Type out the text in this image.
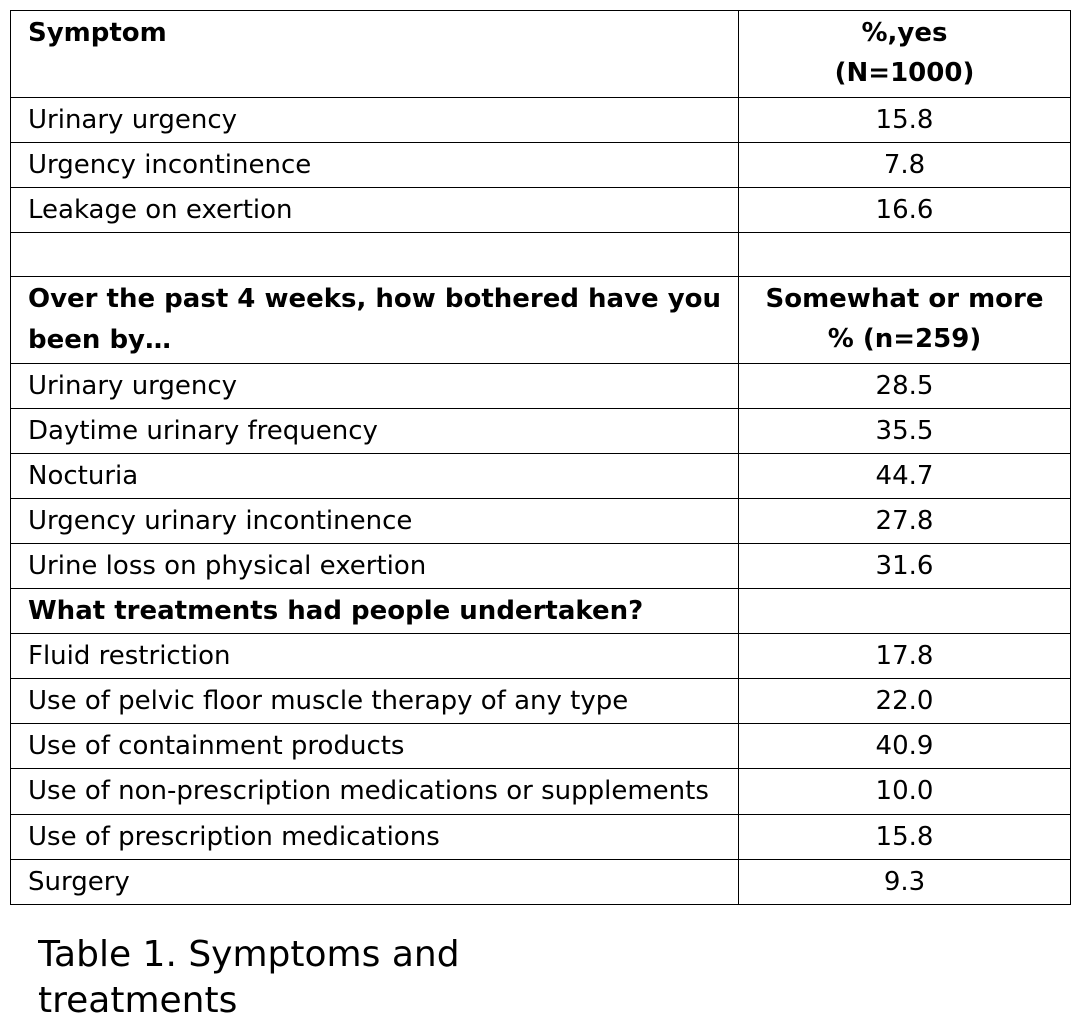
Symptom	%,yes
(N=1000)
Urinary urgency	15.8
Urgency incontinence	7.8
Leakage on exertion	16.6

Over the past 4 weeks, how bothered have you been by…	Somewhat or more
% (n=259)
Urinary urgency	28.5
Daytime urinary frequency	35.5
Nocturia	44.7
Urgency urinary incontinence	27.8
Urine loss on physical exertion	31.6
What treatments had people undertaken?	
Fluid restriction	17.8
Use of pelvic floor muscle therapy of any type	22.0
Use of containment products	40.9
Use of non-prescription medications or supplements	10.0
Use of prescription medications	15.8
Surgery	9.3
Table 1. Symptoms and treatments
